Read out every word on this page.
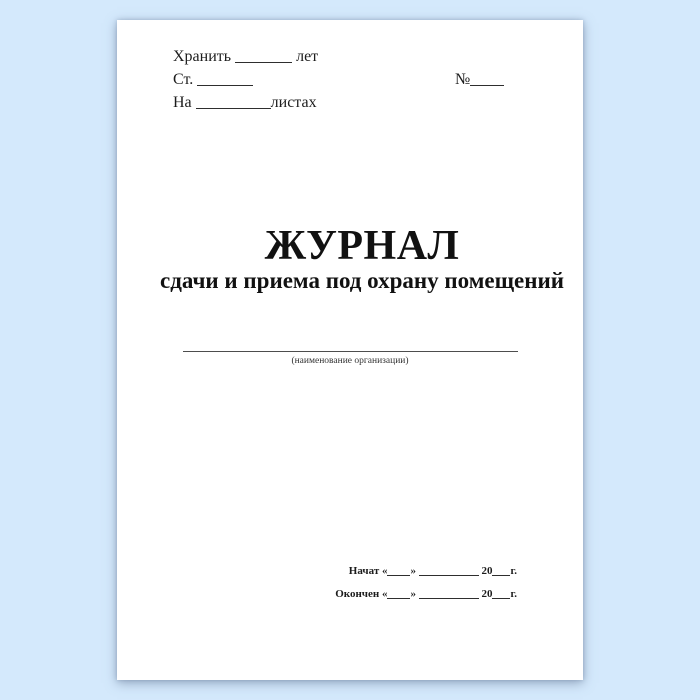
Хранить	лет
Ст.	№
На	листах
ЖУРНАЛ
сдачи и приема под охрану помещений
(наименование организации)
Начат « »	20 г.
Окончен « »	20 г.
